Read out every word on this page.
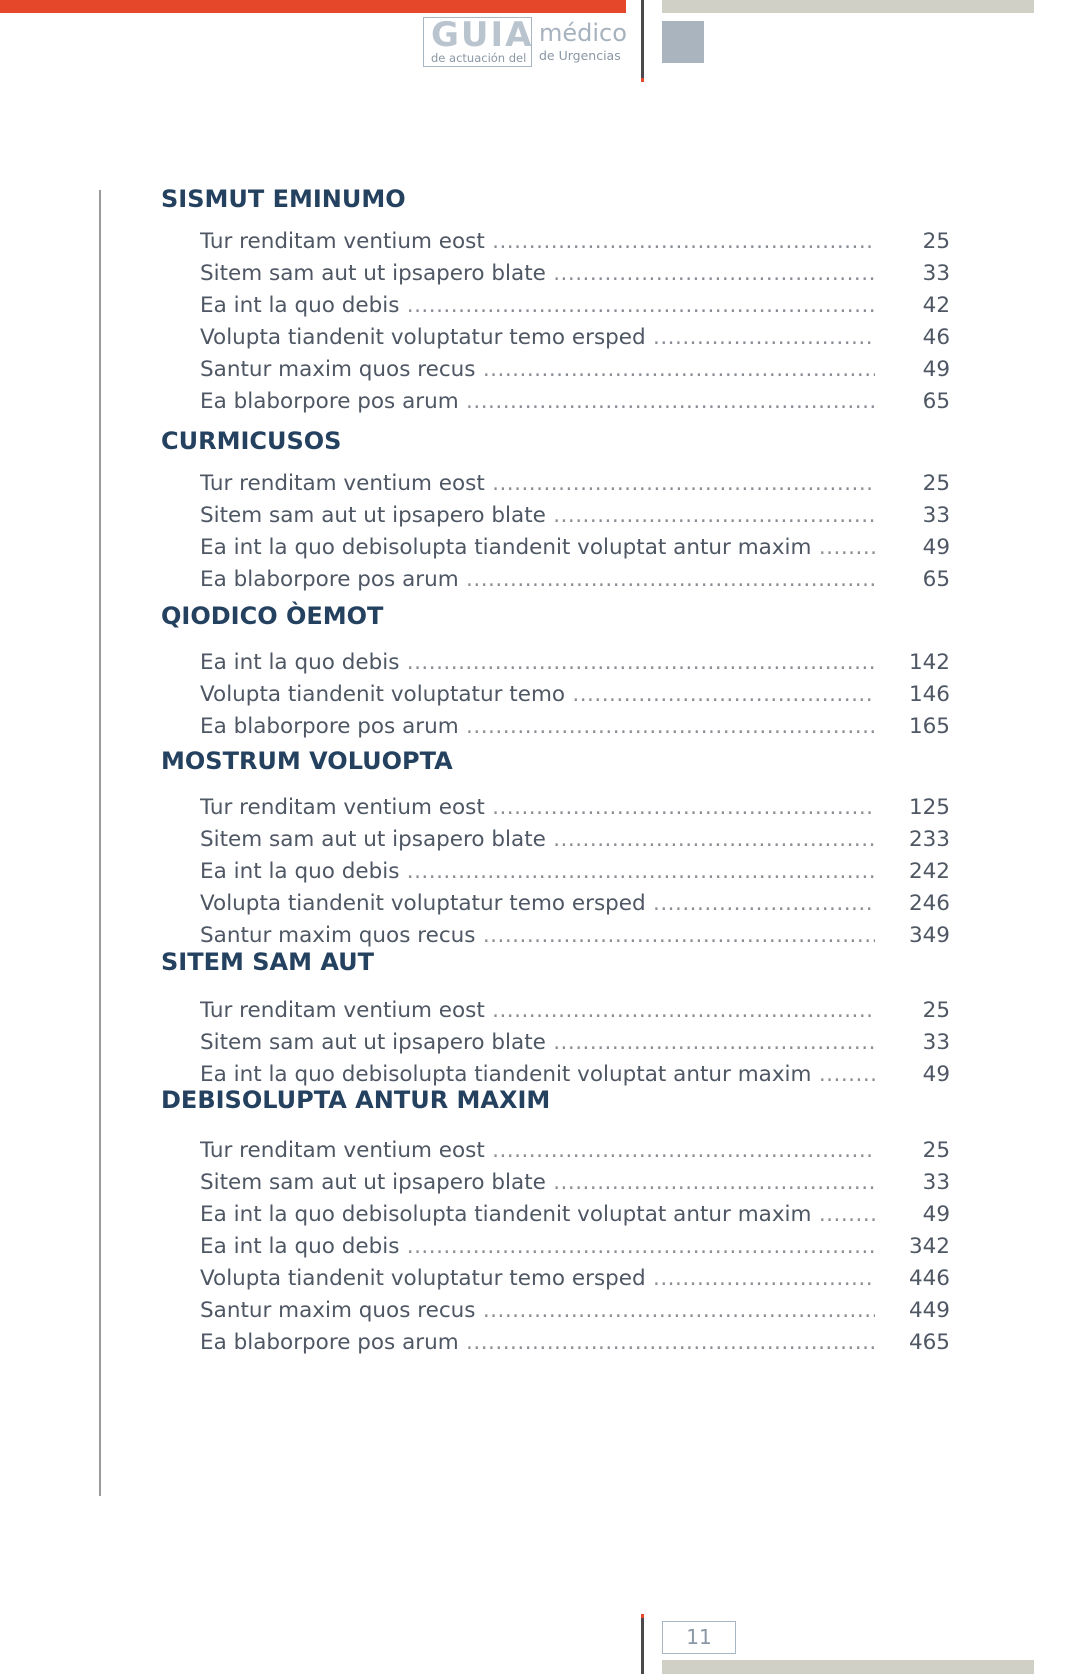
GUIA
de actuación del
médico
de Urgencias
SISMUT EMINUMO
Tur renditam ventium eost .....	25
Sitem sam aut ut ipsapero blate .....	33
Ea int la quo debis .....	42
Volupta tiandenit voluptatur temo ersped .....	46
Santur maxim quos recus .....	49
Ea blaborpore pos arum .....	65
CURMICUSOS
Tur renditam ventium eost .....	25
Sitem sam aut ut ipsapero blate .....	33
Ea int la quo debisolupta tiandenit voluptat antur maxim .....	49
Ea blaborpore pos arum .....	65
QIODICO ÒEMOT
Ea int la quo debis .....	142
Volupta tiandenit voluptatur temo .....	146
Ea blaborpore pos arum .....	165
MOSTRUM VOLUOPTA
Tur renditam ventium eost .....	125
Sitem sam aut ut ipsapero blate .....	233
Ea int la quo debis .....	242
Volupta tiandenit voluptatur temo ersped .....	246
Santur maxim quos recus .....	349
SITEM SAM AUT
Tur renditam ventium eost .....	25
Sitem sam aut ut ipsapero blate .....	33
Ea int la quo debisolupta tiandenit voluptat antur maxim .....	49
DEBISOLUPTA ANTUR MAXIM
Tur renditam ventium eost .....	25
Sitem sam aut ut ipsapero blate .....	33
Ea int la quo debisolupta tiandenit voluptat antur maxim .....	49
Ea int la quo debis .....	342
Volupta tiandenit voluptatur temo ersped .....	446
Santur maxim quos recus .....	449
Ea blaborpore pos arum .....	465
11
